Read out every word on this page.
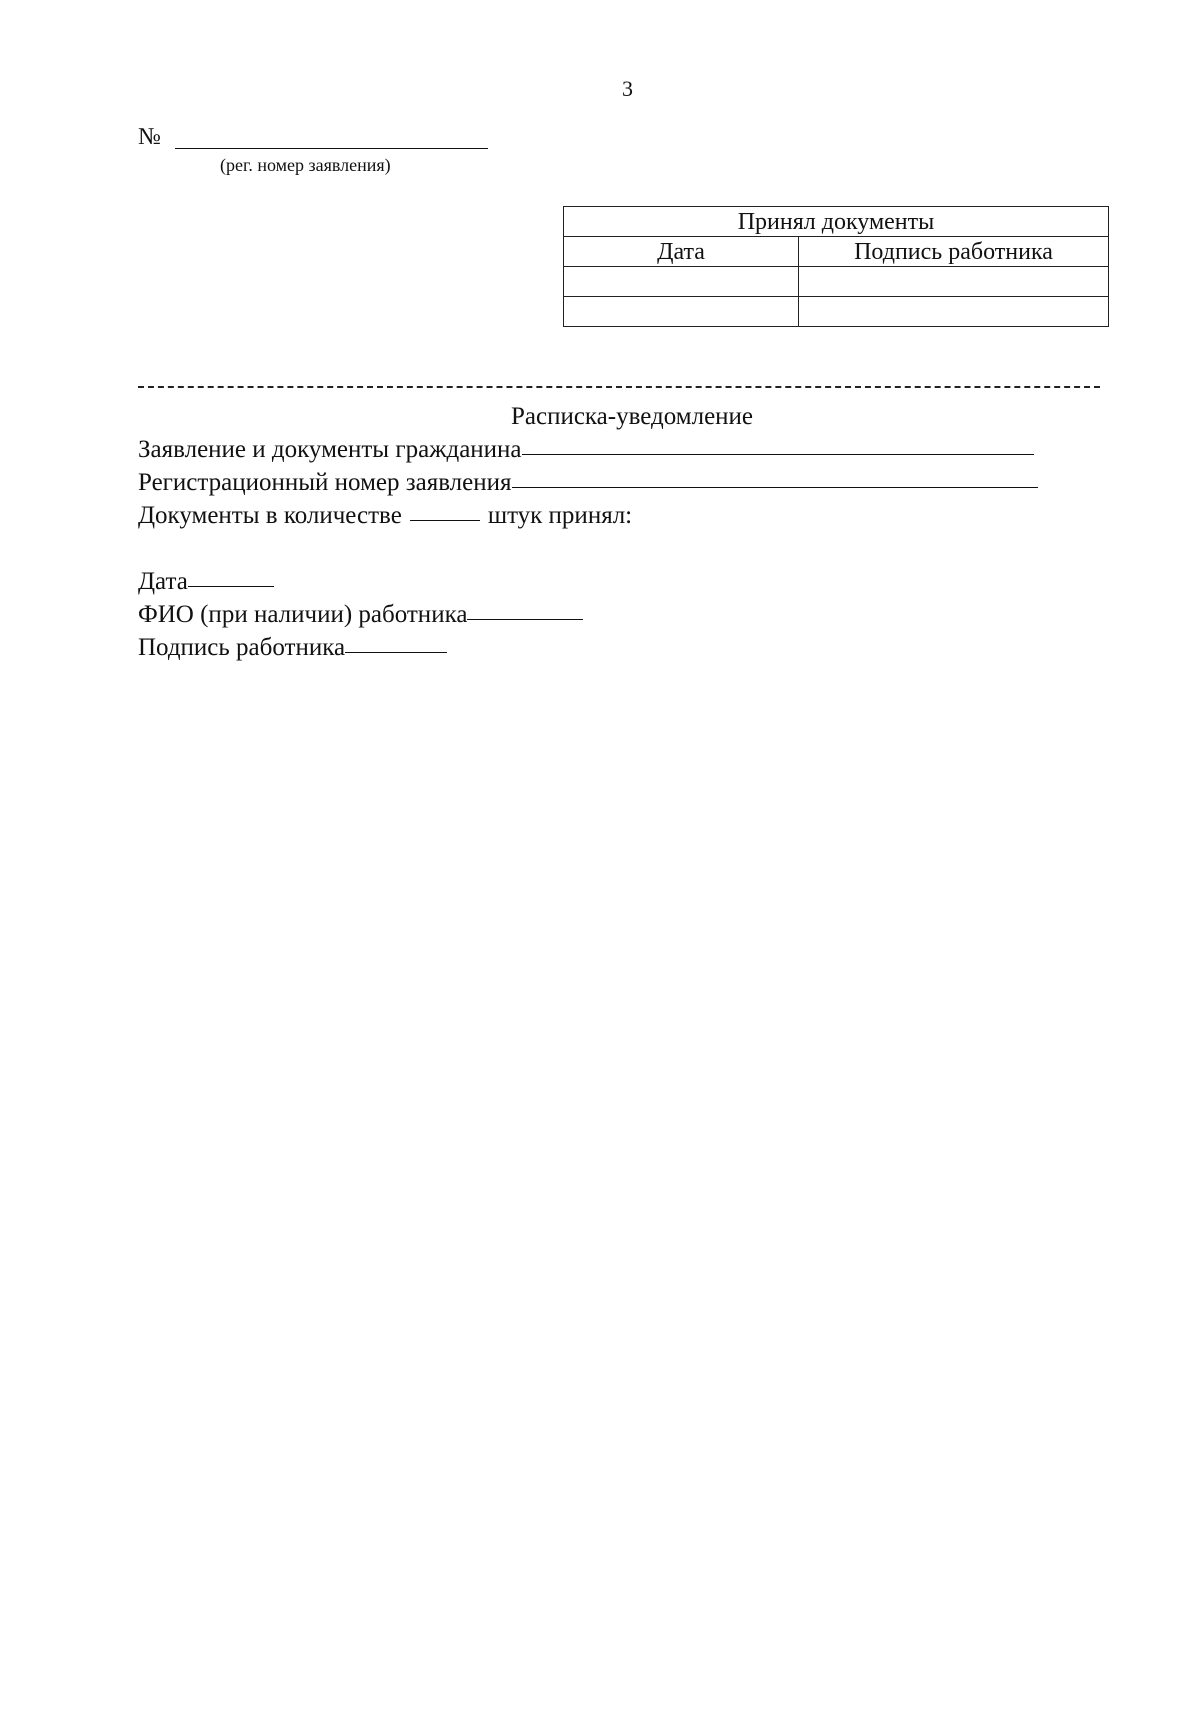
3
№
(рег. номер заявления)
Принял документы	
Дата	Подпись работника

Расписка-уведомление
Заявление и документы гражданина
Регистрационный номер заявления
Документы в количестве	штук принял:
Дата
ФИО (при наличии) работника
Подпись работника
